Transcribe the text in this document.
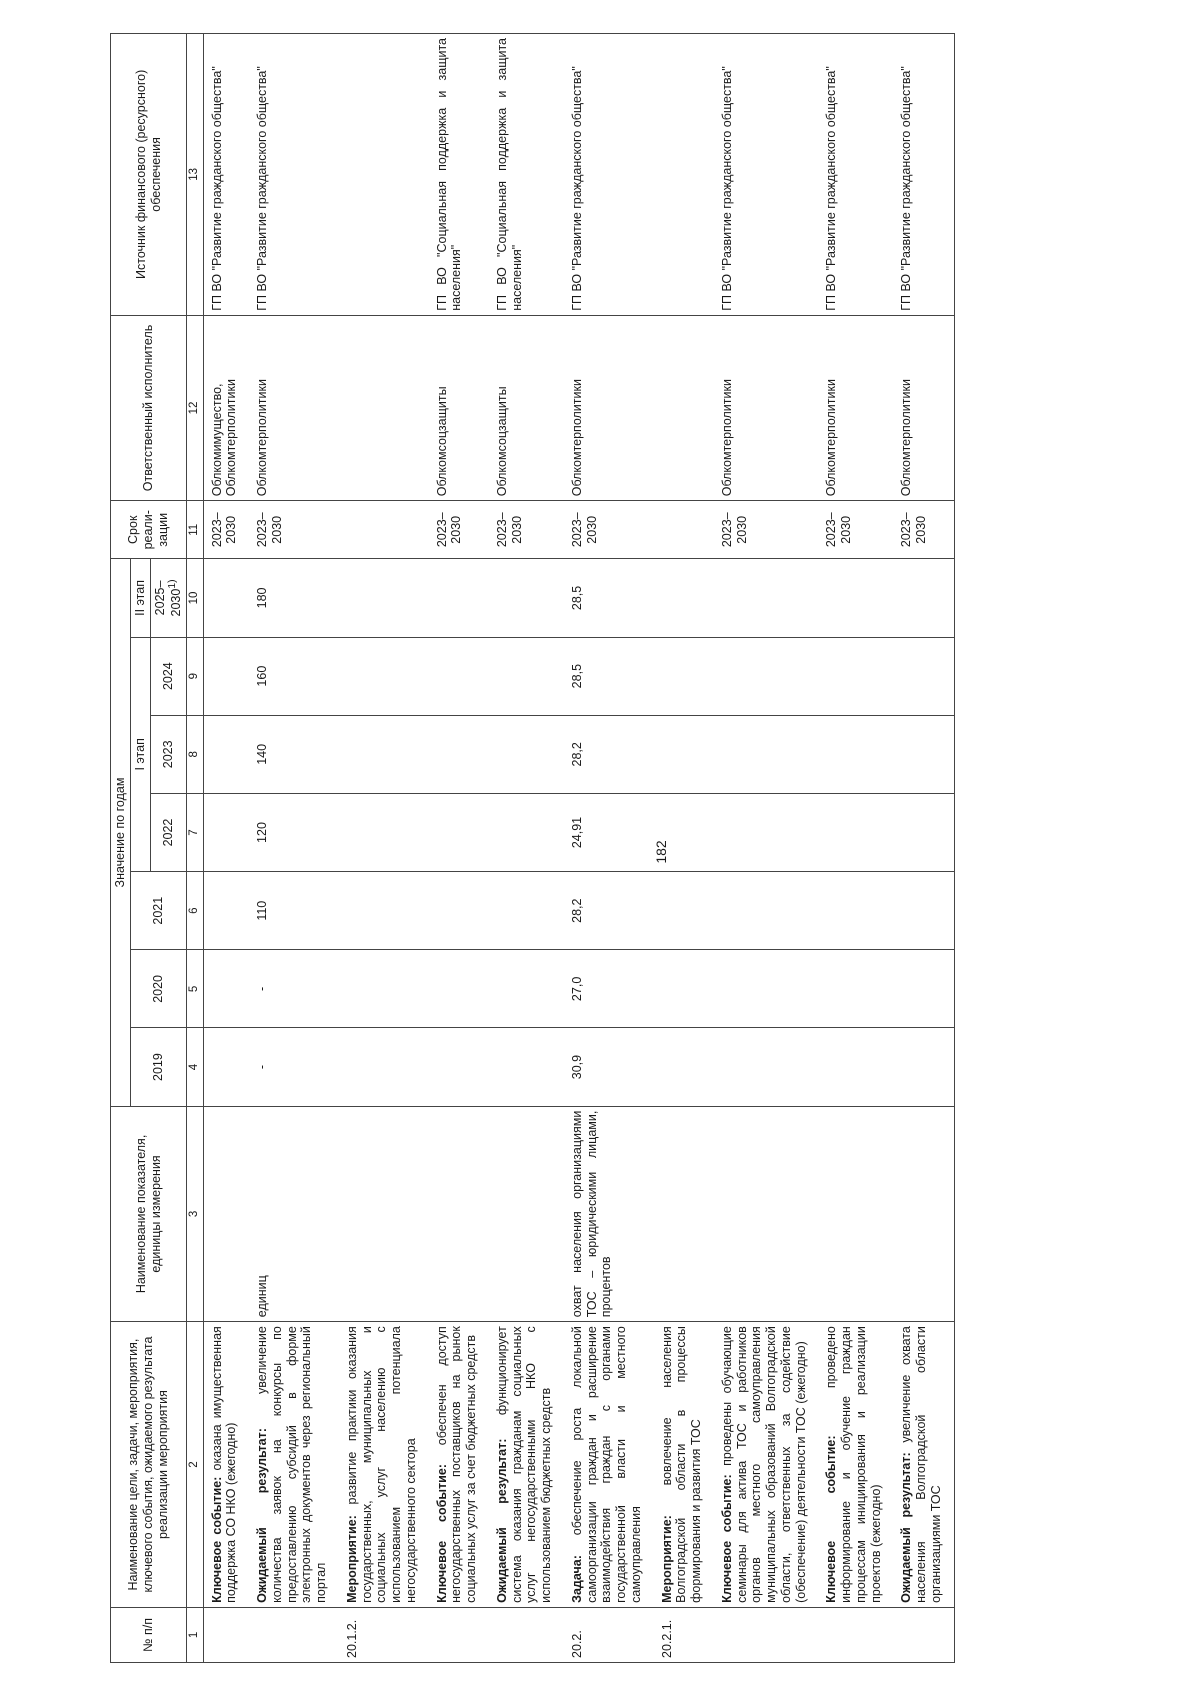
182
№ п/п	Наименование цели, задачи, мероприятия, ключевого события, ожидаемого результата реализации мероприятия	Наименование показателя, единицы измерения	Значение по годам							Срок реали-зации	Ответственный исполнитель	Источник финансового (ресурсного) обеспечения
			2019	2020	2021	I этап			II этап			
						2022	2023	2024	2025–2030$^{1)}$
1	2	3	4	5	6	7	8	9	10	11	12	13
	Ключевое событие: оказана имущественная поддержка СО НКО (ежегодно)									2023–2030	Облкомимущество, Облкомтерполитики	ГП ВО "Развитие гражданского общества"
	Ожидаемый результат: увеличение количества заявок на конкурсы по предоставлению субсидий в форме электронных документов через региональный портал	единиц	-	-	110	120	140	160	180	2023–2030	Облкомтерполитики	ГП ВО "Развитие гражданского общества"
20.1.2.	Мероприятие: развитие практики оказания государственных, муниципальных и социальных услуг населению с использованием потенциала негосударственного сектора											
	Ключевое событие: обеспечен доступ негосударственных поставщиков на рынок социальных услуг за счет бюджетных средств									2023–2030	Облкомсоцзащиты	ГП ВО "Социальная поддержка и защита населения"
	Ожидаемый результат: функционирует система оказания гражданам социальных услуг негосударственными НКО с использованием бюджетных средств									2023–2030	Облкомсоцзащиты	ГП ВО "Социальная поддержка и защита населения"
20.2.	Задача: обеспечение роста локальной самоорганизации граждан и расширение взаимодействия граждан с органами государственной власти и местного самоуправления	охват населения организациями ТОС – юридическими лицами, процентов	30,9	27,0	28,2	24,91	28,2	28,5	28,5	2023–2030	Облкомтерполитики	ГП ВО "Развитие гражданского общества"
20.2.1.	Мероприятие: вовлечение населения Волгоградской области в процессы формирования и развития ТОС											
	Ключевое событие: проведены обучающие семинары для актива ТОС и работников органов местного самоуправления муниципальных образований Волгоградской области, ответственных за содействие (обеспечение) деятельности ТОС (ежегодно)									2023–2030	Облкомтерполитики	ГП ВО "Развитие гражданского общества"
	Ключевое событие: проведено информирование и обучение граждан процессам инициирования и реализации проектов (ежегодно)									2023–2030	Облкомтерполитики	ГП ВО "Развитие гражданского общества"
	Ожидаемый результат: увеличение охвата населения Волгоградской области организациями ТОС									2023–2030	Облкомтерполитики	ГП ВО "Развитие гражданского общества"
